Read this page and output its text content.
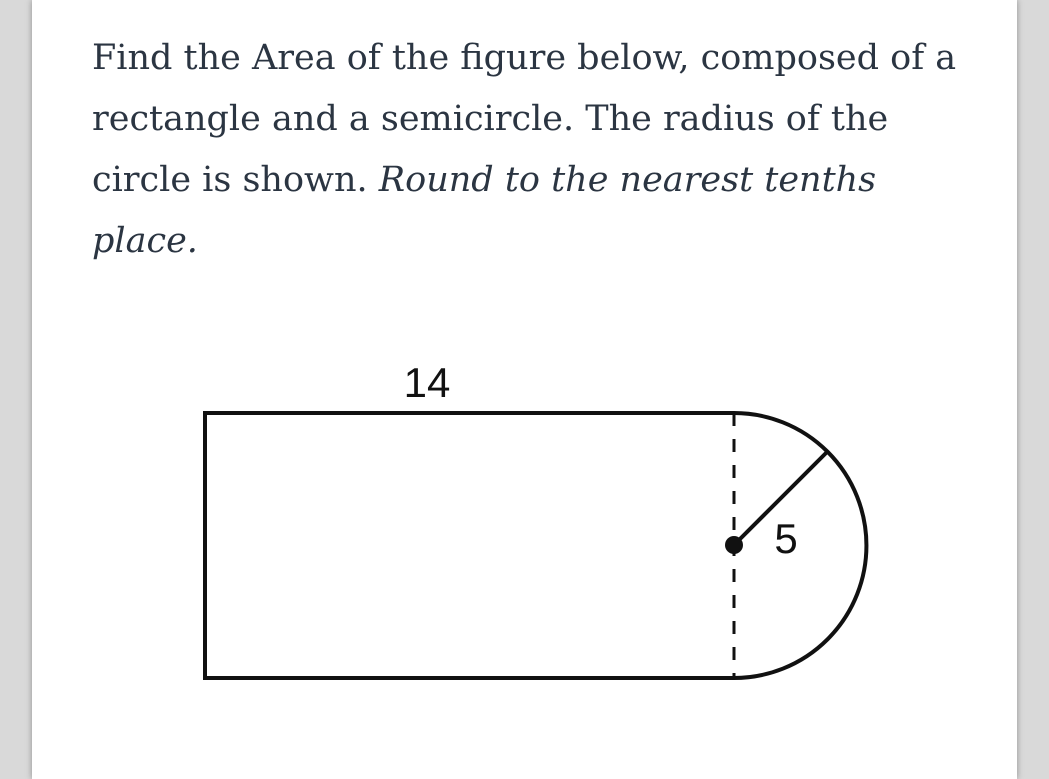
Find the Area of the figure below, composed of a rectangle and a semicircle. The radius of the circle is shown. Round to the nearest tenths place.

14
5
